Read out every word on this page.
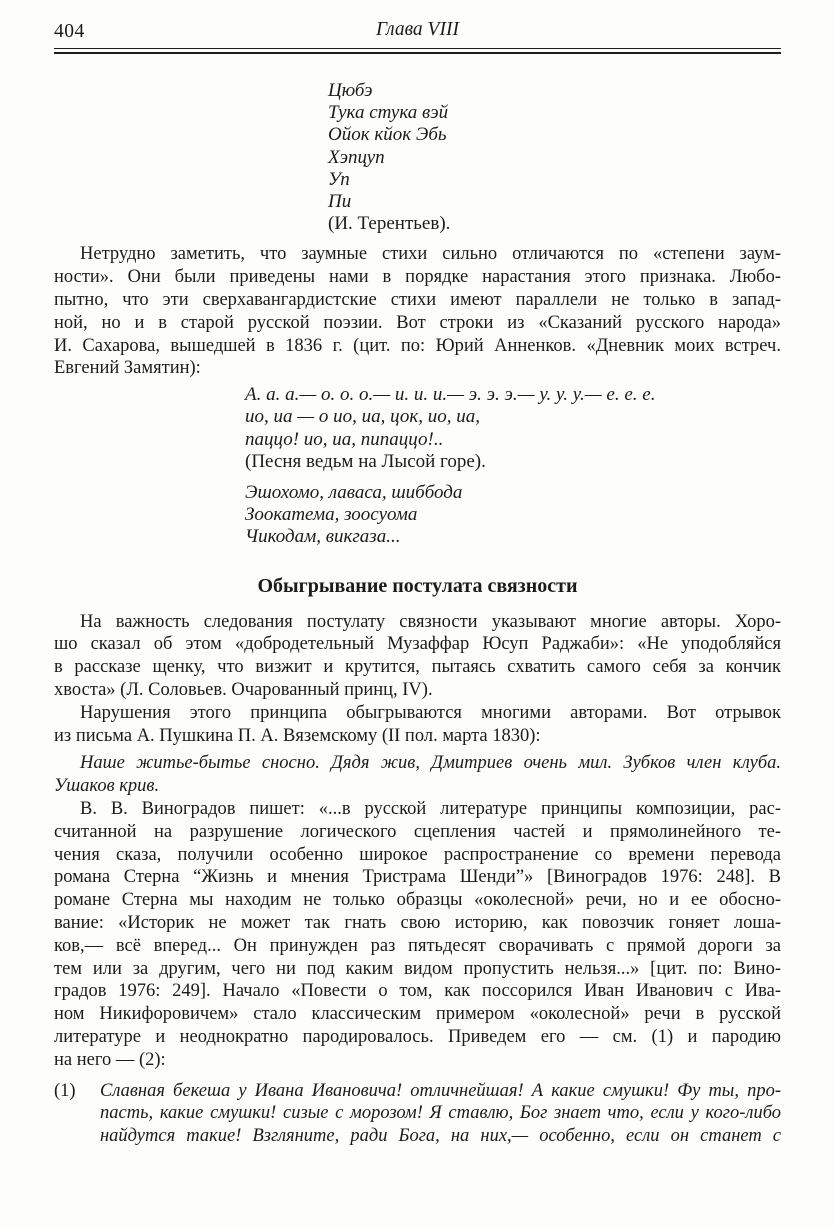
404	Глава VIII
Цюбэ
Тука стука вэй
Ойок кйок Эбь
Хэпцуп
Уп
Пи
(И. Терентьев).
Нетрудно заметить, что заумные стихи сильно отличаются по «степени заум-
ности». Они были приведены нами в порядке нарастания этого признака. Любо-
пытно, что эти сверхавангардистские стихи имеют параллели не только в запад-
ной, но и в старой русской поэзии. Вот строки из «Сказаний русского народа»
И. Сахарова, вышедшей в 1836 г. (цит. по: Юрий Анненков. «Дневник моих встреч.
Евгений Замятин):
А. а. а.— о. о. о.— и. и. и.— э. э. э.— у. у. у.— е. е. е.
ио, иа — о ио, иа, цок, ио, иа,
паццо! ио, иа, пипаццо!..
(Песня ведьм на Лысой горе).
Эшохомо, лаваса, шиббода
Зоокатема, зоосуома
Чикодам, викгаза...
Обыгрывание постулата связности
На важность следования постулату связности указывают многие авторы. Хоро-
шо сказал об этом «добродетельный Музаффар Юсуп Раджаби»: «Не уподобляйся
в рассказе щенку, что визжит и крутится, пытаясь схватить самого себя за кончик
хвоста» (Л. Соловьев. Очарованный принц, IV).
Нарушения этого принципа обыгрываются многими авторами. Вот отрывок
из письма А. Пушкина П. А. Вяземскому (II пол. марта 1830):
Наше житье-бытье сносно. Дядя жив, Дмитриев очень мил. Зубков член клуба.
Ушаков крив.
В. В. Виноградов пишет: «...в русской литературе принципы композиции, рас-
считанной на разрушение логического сцепления частей и прямолинейного те-
чения сказа, получили особенно широкое распространение со времени перевода
романа Стерна “Жизнь и мнения Тристрама Шенди”» [Виноградов 1976: 248]. В
романе Стерна мы находим не только образцы «околесной» речи, но и ее обосно-
вание: «Историк не может так гнать свою историю, как повозчик гоняет лоша-
ков,— всё вперед... Он принужден раз пятьдесят сворачивать с прямой дороги за
тем или за другим, чего ни под каким видом пропустить нельзя...» [цит. по: Вино-
градов 1976: 249]. Начало «Повести о том, как поссорился Иван Иванович с Ива-
ном Никифоровичем» стало классическим примером «околесной» речи в русской
литературе и неоднократно пародировалось. Приведем его — см. (1) и пародию
на него — (2):
(1) Славная бекеша у Ивана Ивановича! отличнейшая! А какие смушки! Фу ты, про-
пасть, какие смушки! сизые с морозом! Я ставлю, Бог знает что, если у кого-либо
найдутся такие! Взгляните, ради Бога, на них,— особенно, если он станет с
